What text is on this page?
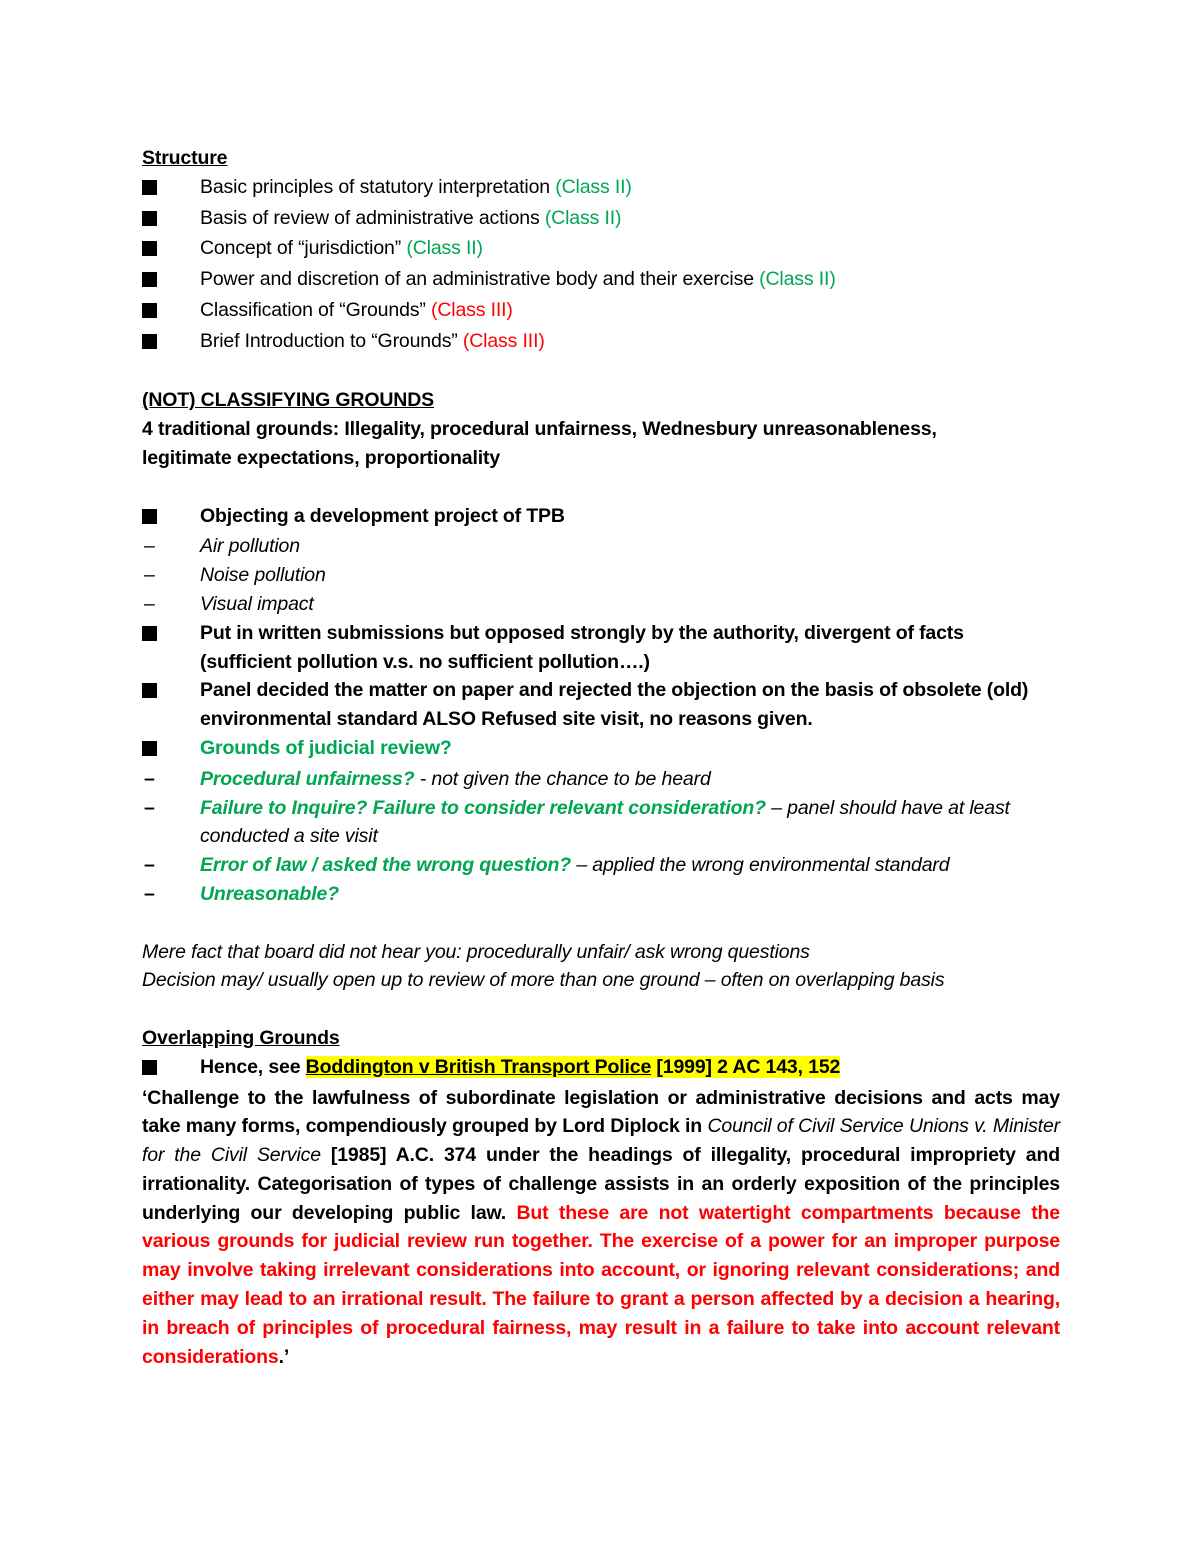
Structure
Basic principles of statutory interpretation (Class II)
Basis of review of administrative actions (Class II)
Concept of “jurisdiction” (Class II)
Power and discretion of an administrative body and their exercise (Class II)
Classification of “Grounds” (Class III)
Brief Introduction to “Grounds” (Class III)
(NOT) CLASSIFYING GROUNDS
4 traditional grounds: Illegality, procedural unfairness, Wednesbury unreasonableness,
legitimate expectations, proportionality
Objecting a development project of TPB
–	Air pollution
–	Noise pollution
–	Visual impact
Put in written submissions but opposed strongly by the authority, divergent of facts (sufficient pollution v.s. no sufficient pollution….)
Panel decided the matter on paper and rejected the objection on the basis of obsolete (old) environmental standard ALSO Refused site visit, no reasons given.
Grounds of judicial review?
–	Procedural unfairness? - not given the chance to be heard
–	Failure to Inquire? Failure to consider relevant consideration? – panel should have at least conducted a site visit
–	Error of law / asked the wrong question? – applied the wrong environmental standard
–	Unreasonable?
Mere fact that board did not hear you: procedurally unfair/ ask wrong questions
Decision may/ usually open up to review of more than one ground – often on overlapping basis
Overlapping Grounds
Hence, see Boddington v British Transport Police [1999] 2 AC 143, 152
‘Challenge to the lawfulness of subordinate legislation or administrative decisions and acts may take many forms, compendiously grouped by Lord Diplock in Council of Civil Service Unions v. Minister for the Civil Service [1985] A.C. 374 under the headings of illegality, procedural impropriety and irrationality. Categorisation of types of challenge assists in an orderly exposition of the principles underlying our developing public law. But these are not watertight compartments because the various grounds for judicial review run together. The exercise of a power for an improper purpose may involve taking irrelevant considerations into account, or ignoring relevant considerations; and either may lead to an irrational result. The failure to grant a person affected by a decision a hearing, in breach of principles of procedural fairness, may result in a failure to take into account relevant considerations.’
